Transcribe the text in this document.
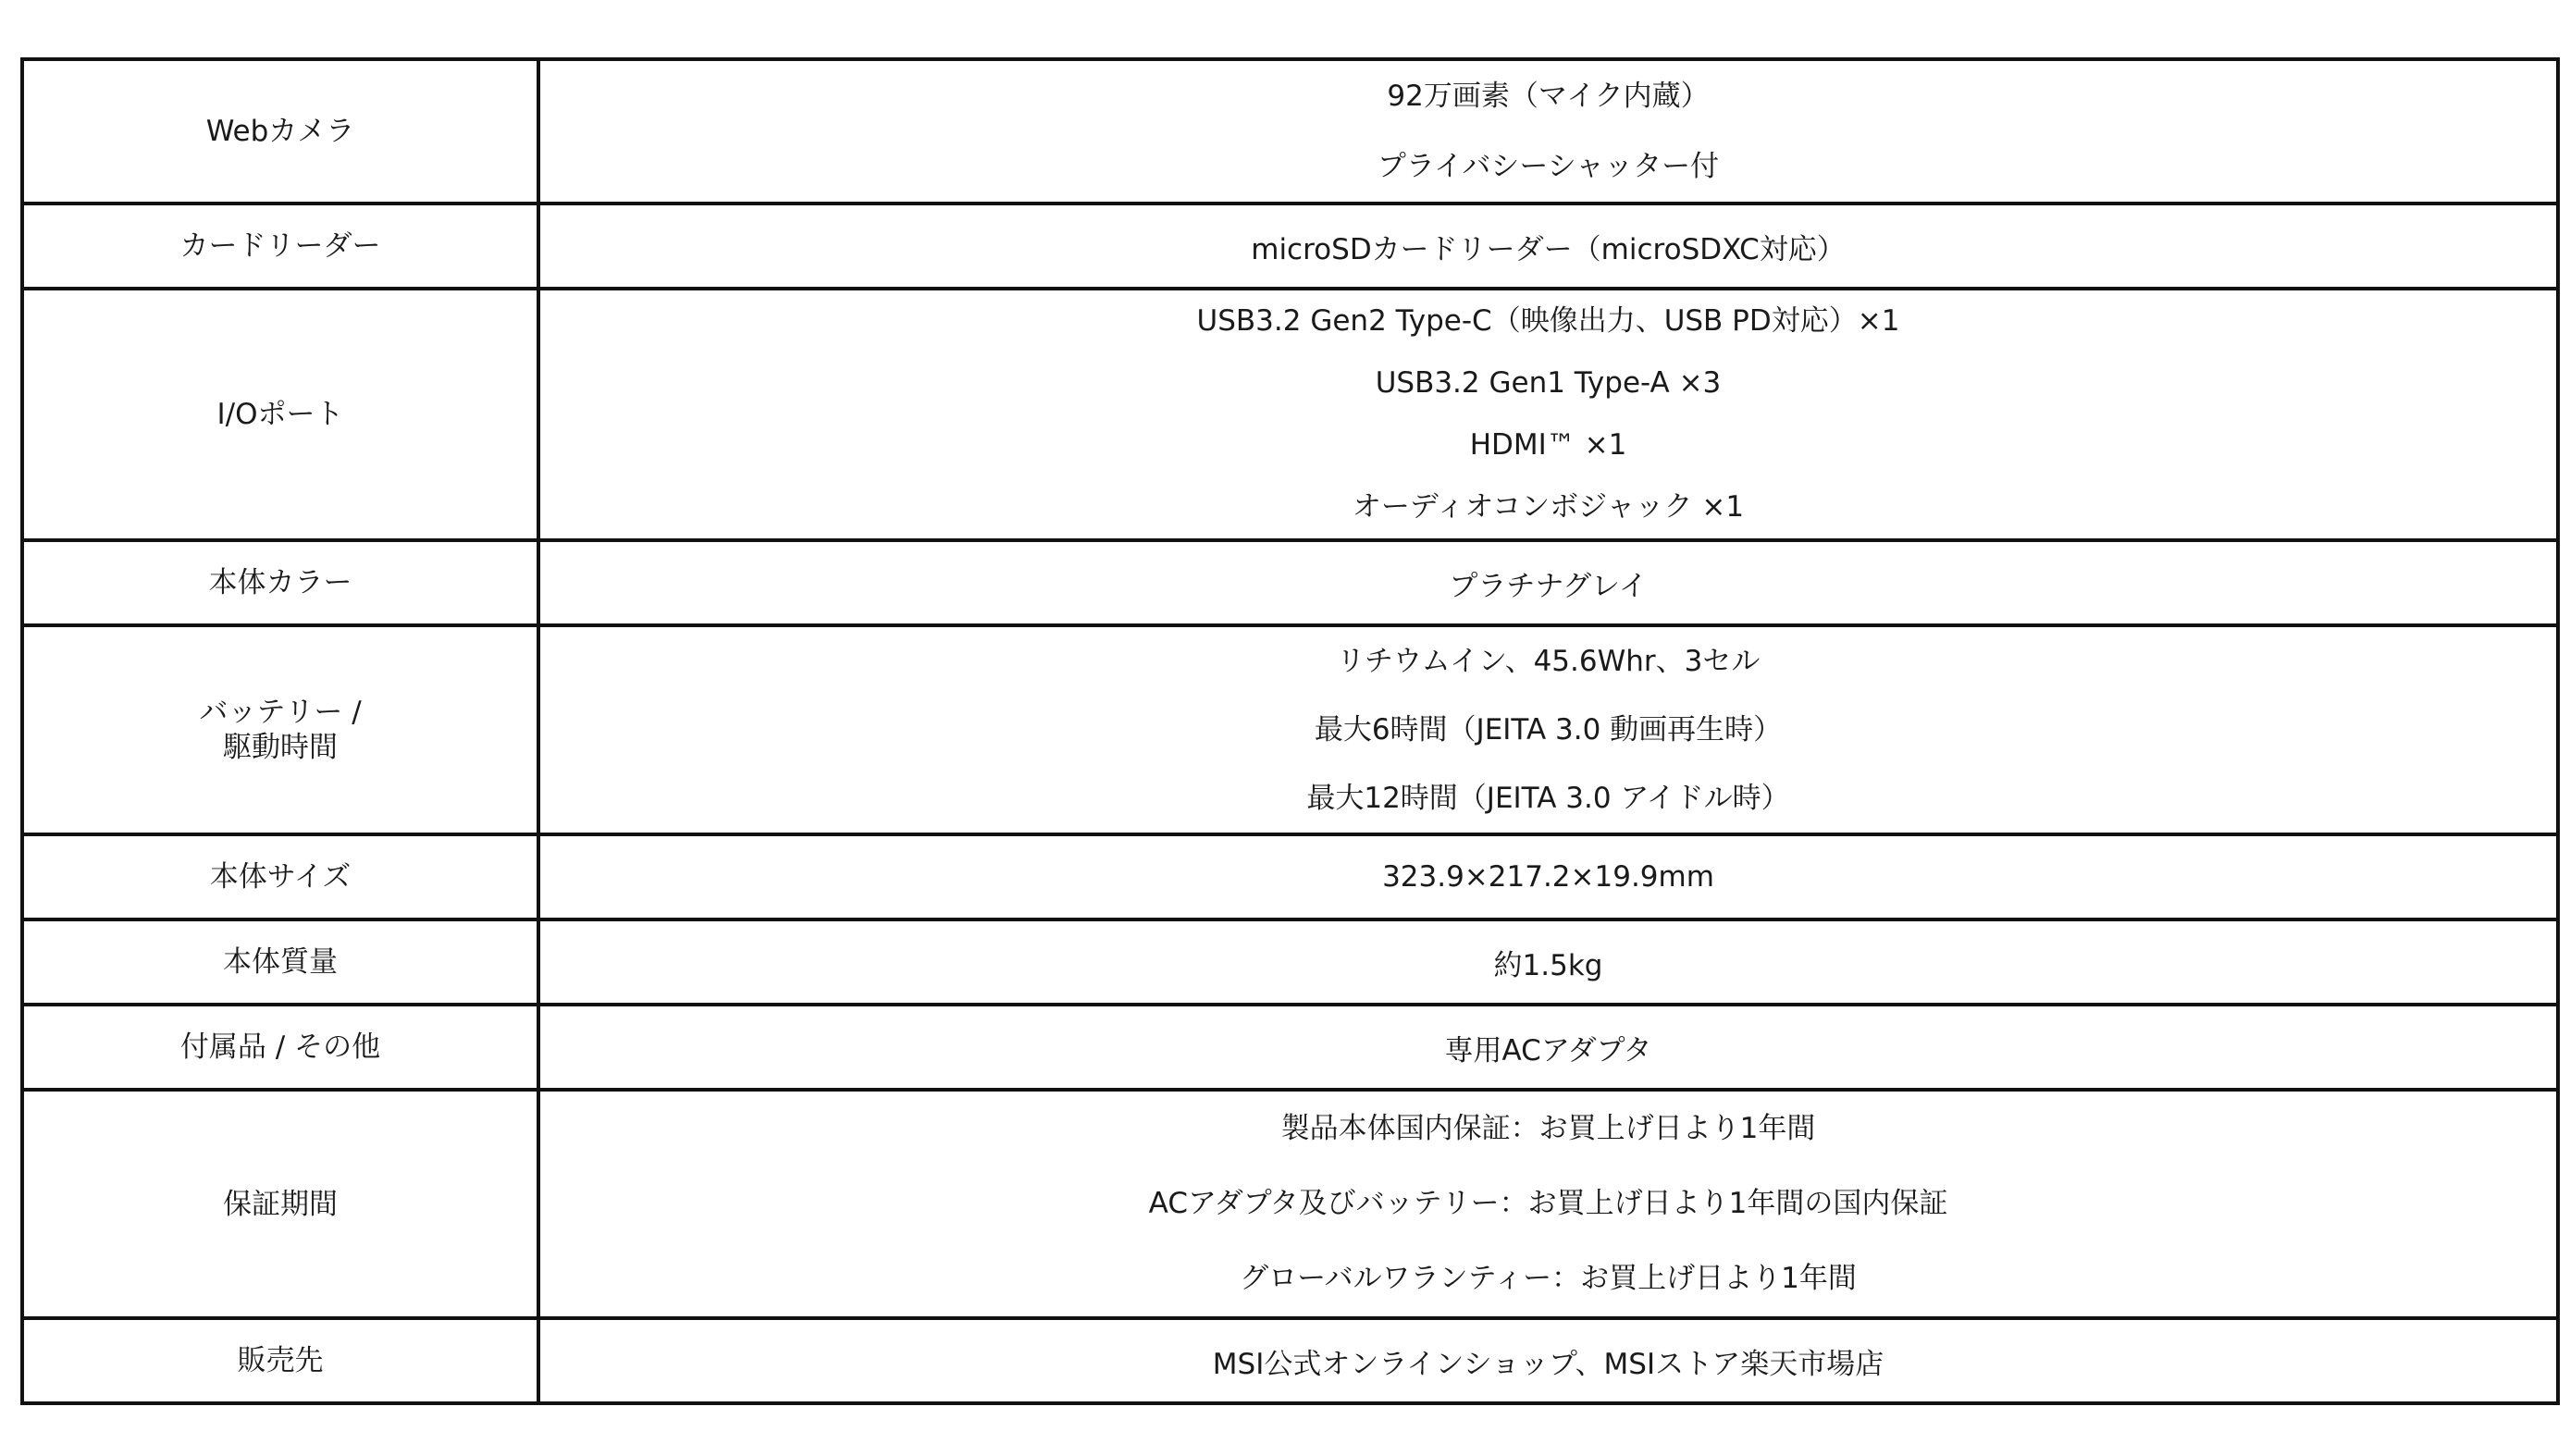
Webカメラ	92万画素（マイク内蔵）
プライバシーシャッター付

カードリーダー	microSDカードリーダー（microSDXC対応）

I/Oポート	USB3.2 Gen2 Type-C（映像出力、USB PD対応）×1
USB3.2 Gen1 Type-A ×3
HDMI™ ×1
オーディオコンボジャック ×1

本体カラー	プラチナグレイ

バッテリー /
駆動時間	リチウムイン、45.6Whr、3セル
最大6時間（JEITA 3.0 動画再生時）
最大12時間（JEITA 3.0 アイドル時）

本体サイズ	323.9×217.2×19.9mm

本体質量	約1.5kg

付属品 / その他	専用ACアダプタ

保証期間	製品本体国内保証：お買上げ日より1年間
ACアダプタ及びバッテリー：お買上げ日より1年間の国内保証
グローバルワランティー：お買上げ日より1年間

販売先	MSI公式オンラインショップ、MSIストア楽天市場店
